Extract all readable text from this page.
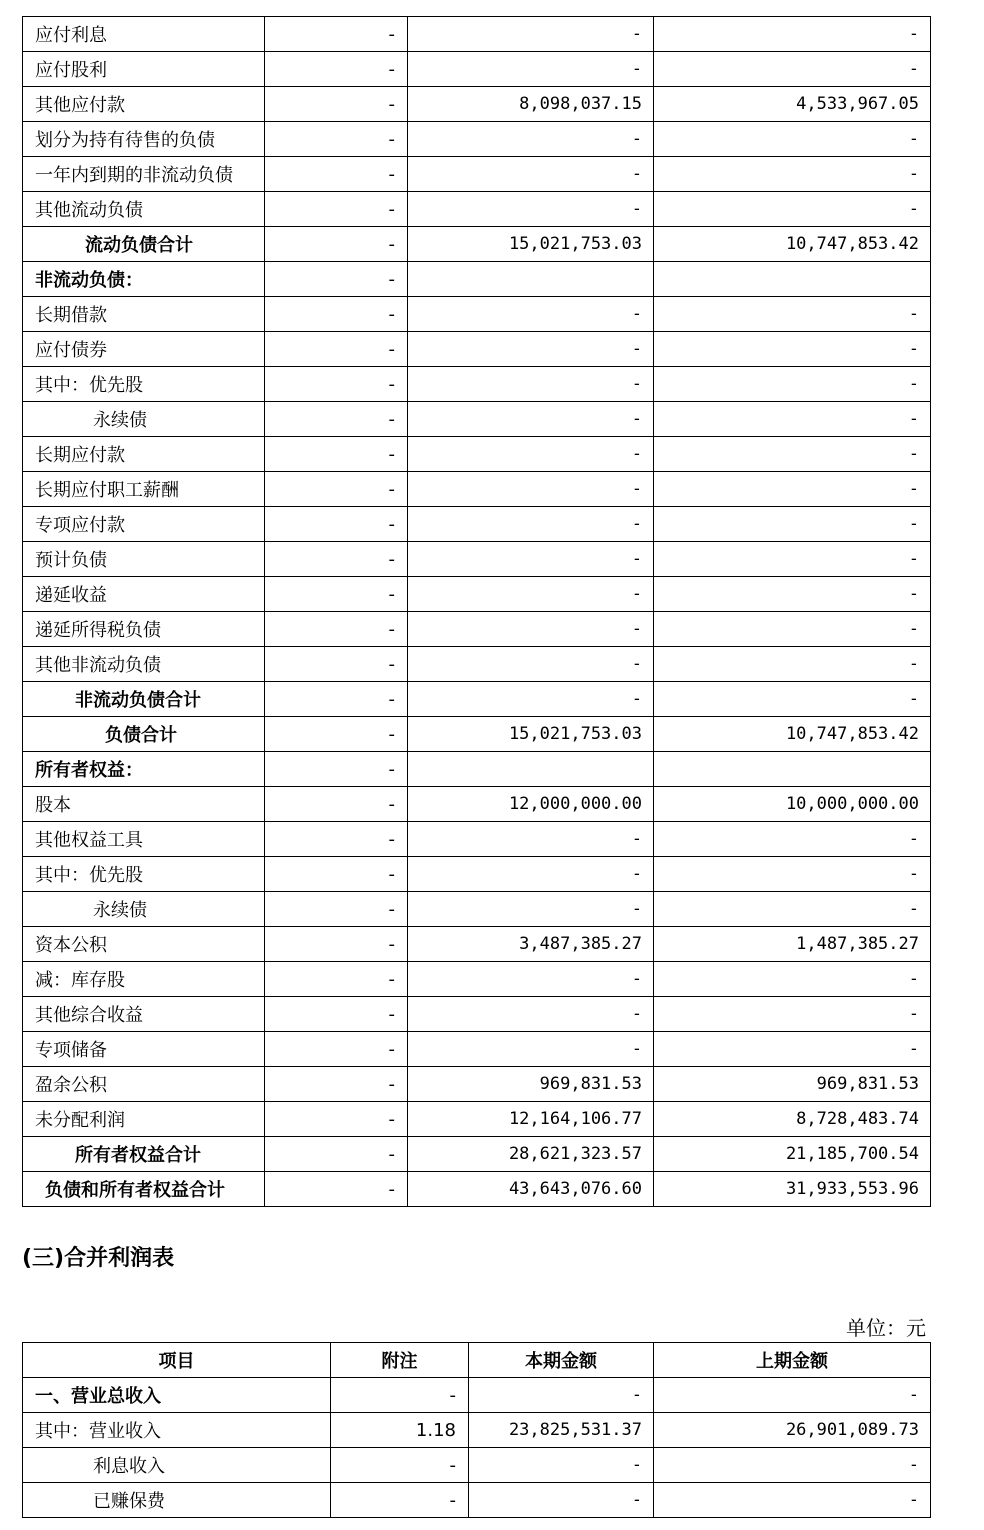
应付利息	-	-	-
应付股利	-	-	-
其他应付款	-	8,098,037.15	4,533,967.05
划分为持有待售的负债	-	-	-
一年内到期的非流动负债	-	-	-
其他流动负债	-	-	-
流动负债合计	-	15,021,753.03	10,747,853.42
非流动负债：	-		
长期借款	-	-	-
应付债券	-	-	-
其中：优先股	-	-	-
永续债	-	-	-
长期应付款	-	-	-
长期应付职工薪酬	-	-	-
专项应付款	-	-	-
预计负债	-	-	-
递延收益	-	-	-
递延所得税负债	-	-	-
其他非流动负债	-	-	-
非流动负债合计	-	-	-
负债合计	-	15,021,753.03	10,747,853.42
所有者权益：	-		
股本	-	12,000,000.00	10,000,000.00
其他权益工具	-	-	-
其中：优先股	-	-	-
永续债	-	-	-
资本公积	-	3,487,385.27	1,487,385.27
减：库存股	-	-	-
其他综合收益	-	-	-
专项储备	-	-	-
盈余公积	-	969,831.53	969,831.53
未分配利润	-	12,164,106.77	8,728,483.74
所有者权益合计	-	28,621,323.57	21,185,700.54
负债和所有者权益合计	-	43,643,076.60	31,933,553.96
(三)合并利润表
单位：元
项目	附注	本期金额	上期金额
一、营业总收入	-	-	-
其中：营业收入	1.18	23,825,531.37	26,901,089.73
利息收入	-	-	-
已赚保费	-	-	-
